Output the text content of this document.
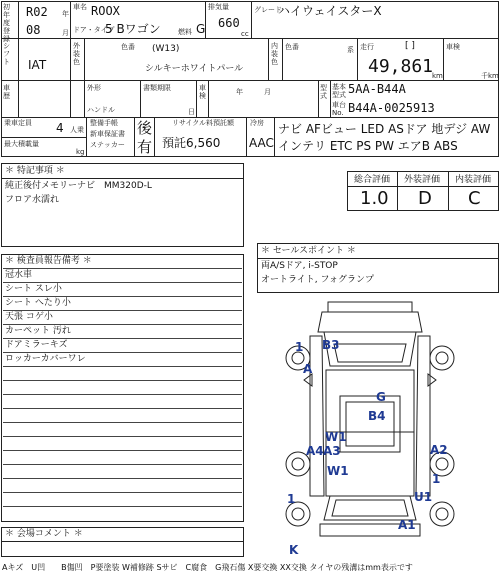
初年度登録
R02 年
08	月
車名 ROOX
ドア・タイプ
5 Bワゴン 燃料 G
排気量
660
cc
グレード
ハイウェイスターX
シフト	IAT
外装色
色番 (W13)
シルキーホワイトパール
内装色
色番	系 走行	[ ]
49,861
km
車検
千km
車歴
外形
ハンドル
書類期限
日
車検	年　　　月	型式
基本型式 5AA-B44A
車台No. B44A-0025913
乗車定員 4 人乗
最大積載量
kg
整備手帳
新車保証書
ステッカー
後
有
リサイクル料預託額
預託6,560
冷房
AAC
ナビ AFビュー LED ASドア 地デジ AW
インテリ ETC PS PW エアB ABS
＊ 特記事項 ＊
純正後付メモリーナビ　MM320D-L
フロア水濡れ
総合評価 外装評価 内装評価
1.0 D C
＊ セールスポイント ＊
両A/Sドア, i-STOP
オートライト, フォグランプ
＊ 検査員報告備考 ＊
冠水車
シート スレ小
シート へたり小
天張 コゲ小
カーペット 汚れ
ドアミラーキズ
ロッカーカバーワレ
＊ 会場コメント ＊
B3
1
A
G
B4
W1
A4 A3
W1
A2
1	U1
1
A1
K
Aキズ　U凹　　B傷凹　P要塗装 W補修跡 Sサビ　C腐食　G飛石傷 X要交換 XX交換 タイヤの残溝はmm表示です
